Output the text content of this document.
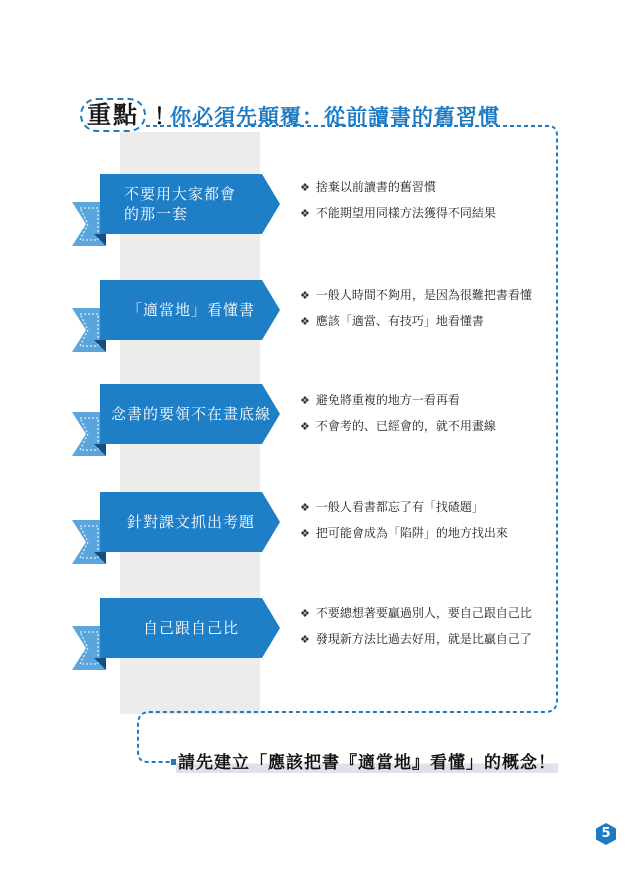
重點 ！
你必須先顛覆：從前讀書的舊習慣
不要用大家都會
的那一套
「適當地」看懂書
念書的要領不在畫底線
針對課文抓出考題
自己跟自己比
❖ 捨棄以前讀書的舊習慣
❖ 不能期望用同樣方法獲得不同結果
❖ 一般人時間不夠用，是因為很難把書看懂
❖ 應該「適當、有技巧」地看懂書
❖ 避免將重複的地方一看再看
❖ 不會考的、已經會的，就不用畫線
❖ 一般人看書都忘了有「找碴題」
❖ 把可能會成為「陷阱」的地方找出來
❖ 不要總想著要贏過別人，要自己跟自己比
❖ 發現新方法比過去好用，就是比贏自己了
請先建立「應該把書『適當地』看懂」的概念！
5
